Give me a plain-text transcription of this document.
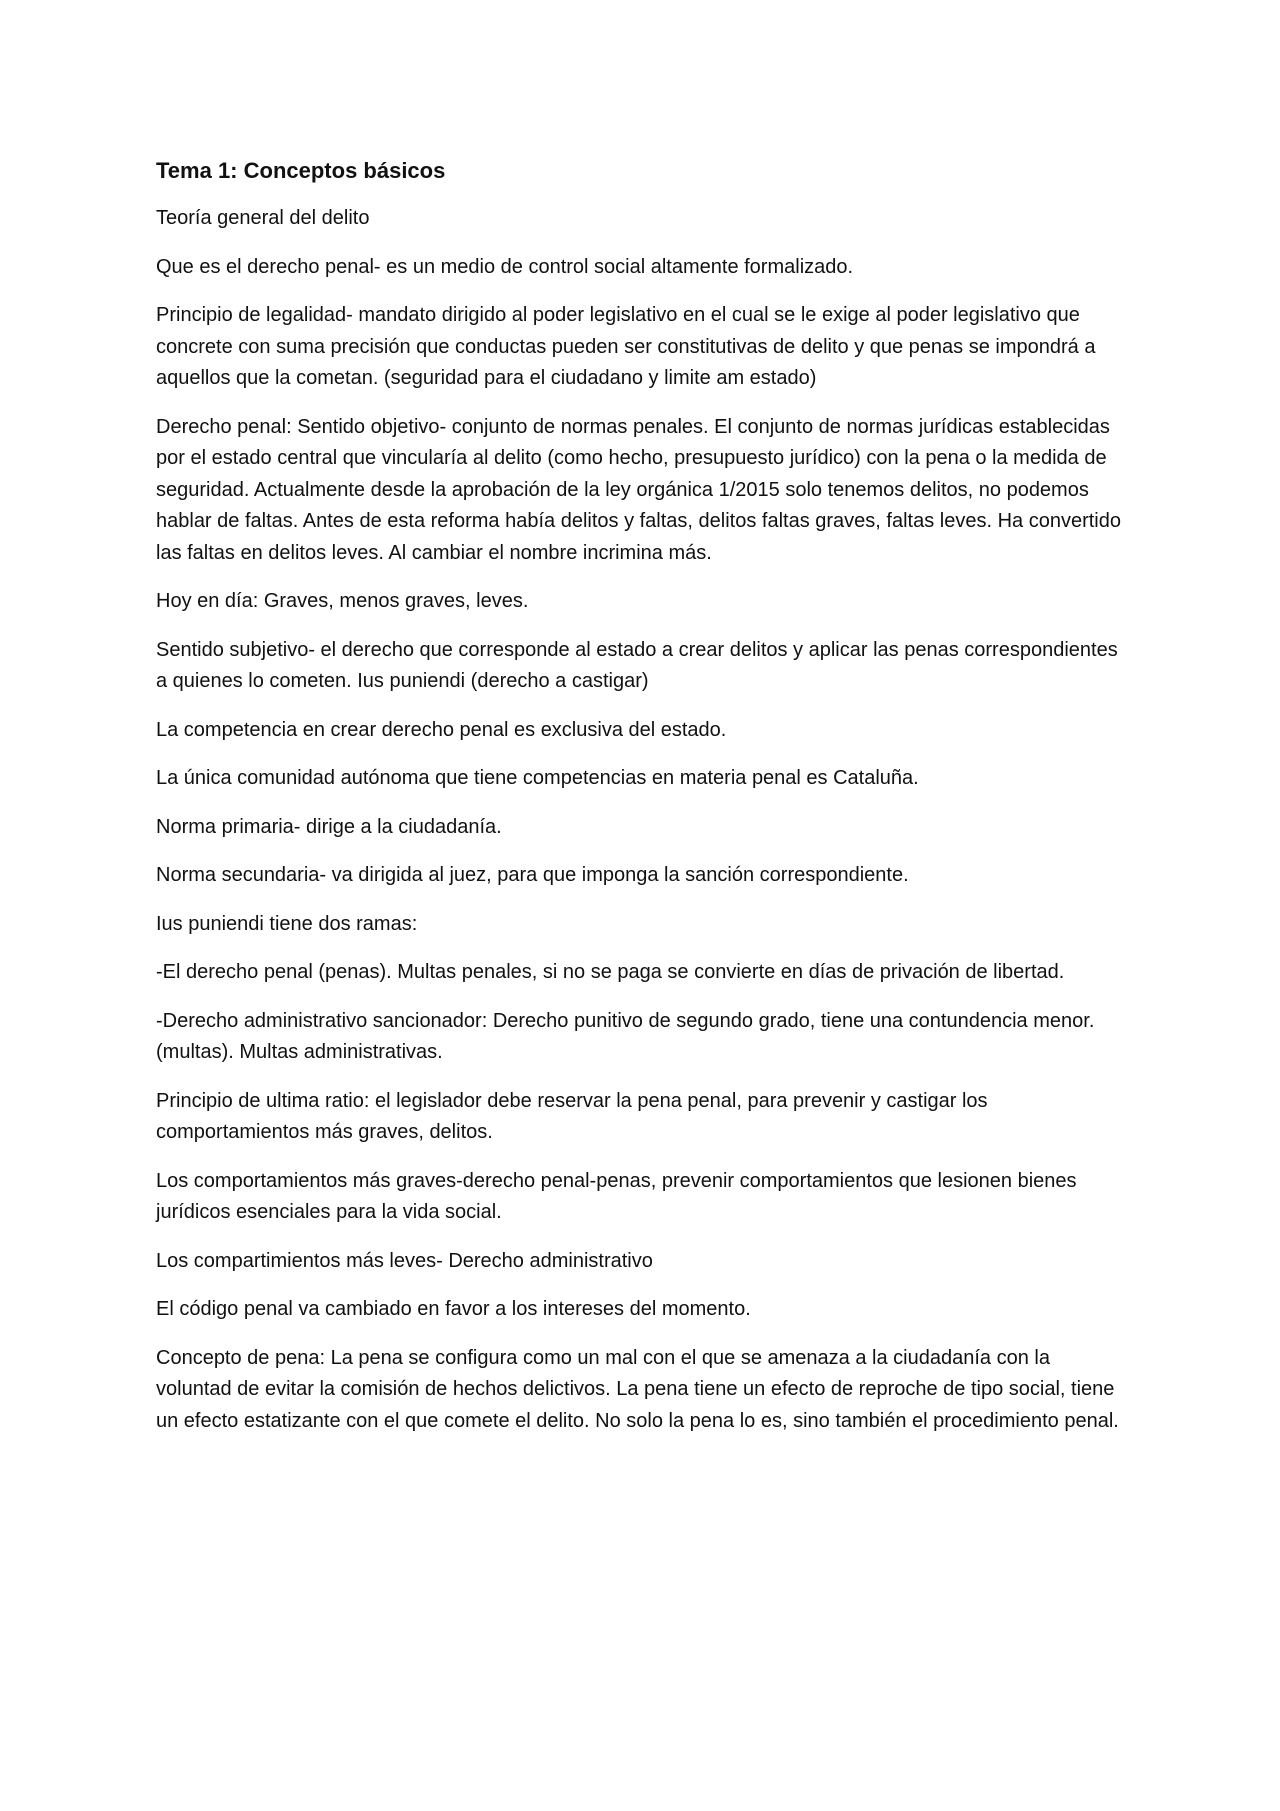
Tema 1: Conceptos básicos

Teoría general del delito

Que es el derecho penal- es un medio de control social altamente formalizado.

Principio de legalidad- mandato dirigido al poder legislativo en el cual se le exige al poder legislativo que concrete con suma precisión que conductas pueden ser constitutivas de delito y que penas se impondrá a aquellos que la cometan. (seguridad para el ciudadano y limite am estado)

Derecho penal: Sentido objetivo- conjunto de normas penales. El conjunto de normas jurídicas establecidas por el estado central que vincularía al delito (como hecho, presupuesto jurídico) con la pena o la medida de seguridad. Actualmente desde la aprobación de la ley orgánica 1/2015 solo tenemos delitos, no podemos hablar de faltas. Antes de esta reforma había delitos y faltas, delitos faltas graves, faltas leves. Ha convertido las faltas en delitos leves. Al cambiar el nombre incrimina más.

Hoy en día: Graves, menos graves, leves.

Sentido subjetivo- el derecho que corresponde al estado a crear delitos y aplicar las penas correspondientes a quienes lo cometen. Ius puniendi (derecho a castigar)

La competencia en crear derecho penal es exclusiva del estado.

La única comunidad autónoma que tiene competencias en materia penal es Cataluña.

Norma primaria- dirige a la ciudadanía.

Norma secundaria- va dirigida al juez, para que imponga la sanción correspondiente.

Ius puniendi tiene dos ramas:

-El derecho penal (penas). Multas penales, si no se paga se convierte en días de privación de libertad.

-Derecho administrativo sancionador: Derecho punitivo de segundo grado, tiene una contundencia menor. (multas). Multas administrativas.

Principio de ultima ratio: el legislador debe reservar la pena penal, para prevenir y castigar los comportamientos más graves, delitos.

Los comportamientos más graves-derecho penal-penas, prevenir comportamientos que lesionen bienes jurídicos esenciales para la vida social.

Los compartimientos más leves- Derecho administrativo

El código penal va cambiado en favor a los intereses del momento.

Concepto de pena: La pena se configura como un mal con el que se amenaza a la ciudadanía con la voluntad de evitar la comisión de hechos delictivos. La pena tiene un efecto de reproche de tipo social, tiene un efecto estatizante con el que comete el delito. No solo la pena lo es, sino también el procedimiento penal.
